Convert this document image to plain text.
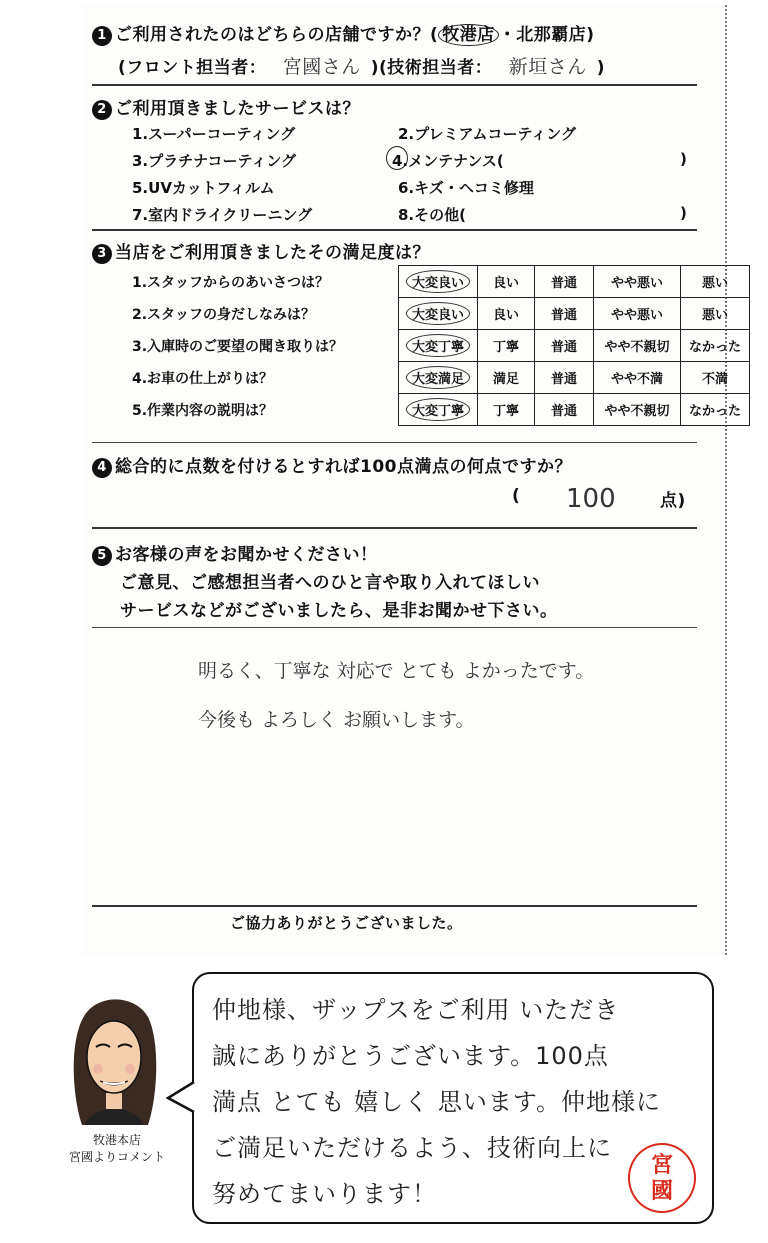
1 ご利用されたのはどちらの店舗ですか？( 牧港店 ・北那覇店)
(フロント担当者： 宮國さん )(技術担当者： 新垣さん )
2 ご利用頂きましたサービスは？
1.スーパーコーティング	2.プレミアムコーティング
3.プラチナコーティング	4.メンテナンス(	)
5.UVカットフィルム	6.キズ・ヘコミ修理
7.室内ドライクリーニング	8.その他(	)
3 当店をご利用頂きましたその満足度は？
1.スタッフからのあいさつは？	大変良い	良い	普通	やや悪い	悪い
2.スタッフの身だしなみは？	大変良い	良い	普通	やや悪い	悪い
3.入庫時のご要望の聞き取りは？	大変丁寧	丁寧	普通	やや不親切	なかった
4.お車の仕上がりは？	大変満足	満足	普通	やや不満	不満
5.作業内容の説明は？	大変丁寧	丁寧	普通	やや不親切	なかった
4 総合的に点数を付けるとすれば100点満点の何点ですか？
( 100	点)
5 お客様の声をお聞かせください！
ご意見、ご感想担当者へのひと言や取り入れてほしい
サービスなどがございましたら、是非お聞かせ下さい。
明るく、丁寧な 対応で とても よかったです。
今後も よろしく お願いします。
ご協力ありがとうございました。
牧港本店
宮國よりコメント
仲地様、ザップスをご利用 いただき
誠にありがとうございます。100点
満点 とても 嬉しく 思います。仲地様に
ご満足いただけるよう、技術向上に
努めてまいります！
宮
國
